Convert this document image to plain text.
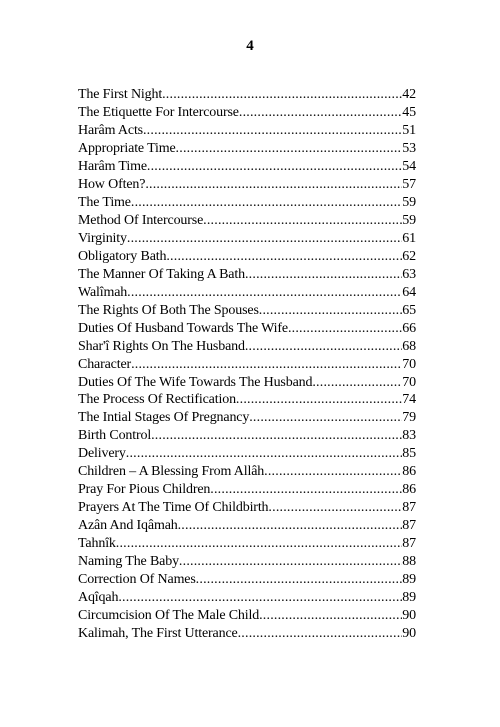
4
The First Night .....	42
The Etiquette For Intercourse .....	45
Harâm Acts .....	51
Appropriate Time .....	53
Harâm Time .....	54
How Often? .....	57
The Time .....	59
Method Of Intercourse .....	59
Virginity .....	61
Obligatory Bath .....	62
The Manner Of Taking A Bath .....	63
Walîmah .....	64
The Rights Of Both The Spouses .....	65
Duties Of Husband Towards The Wife .....	66
Shar'î Rights On The Husband .....	68
Character .....	70
Duties Of The Wife Towards The Husband .....	70
The Process Of Rectification .....	74
The Intial Stages Of Pregnancy .....	79
Birth Control .....	83
Delivery .....	85
Children – A Blessing From Allâh .....	86
Pray For Pious Children .....	86
Prayers At The Time Of Childbirth .....	87
Azân And Iqâmah .....	87
Tahnîk .....	87
Naming The Baby .....	88
Correction Of Names .....	89
Aqîqah .....	89
Circumcision Of The Male Child .....	90
Kalimah, The First Utterance .....	90
